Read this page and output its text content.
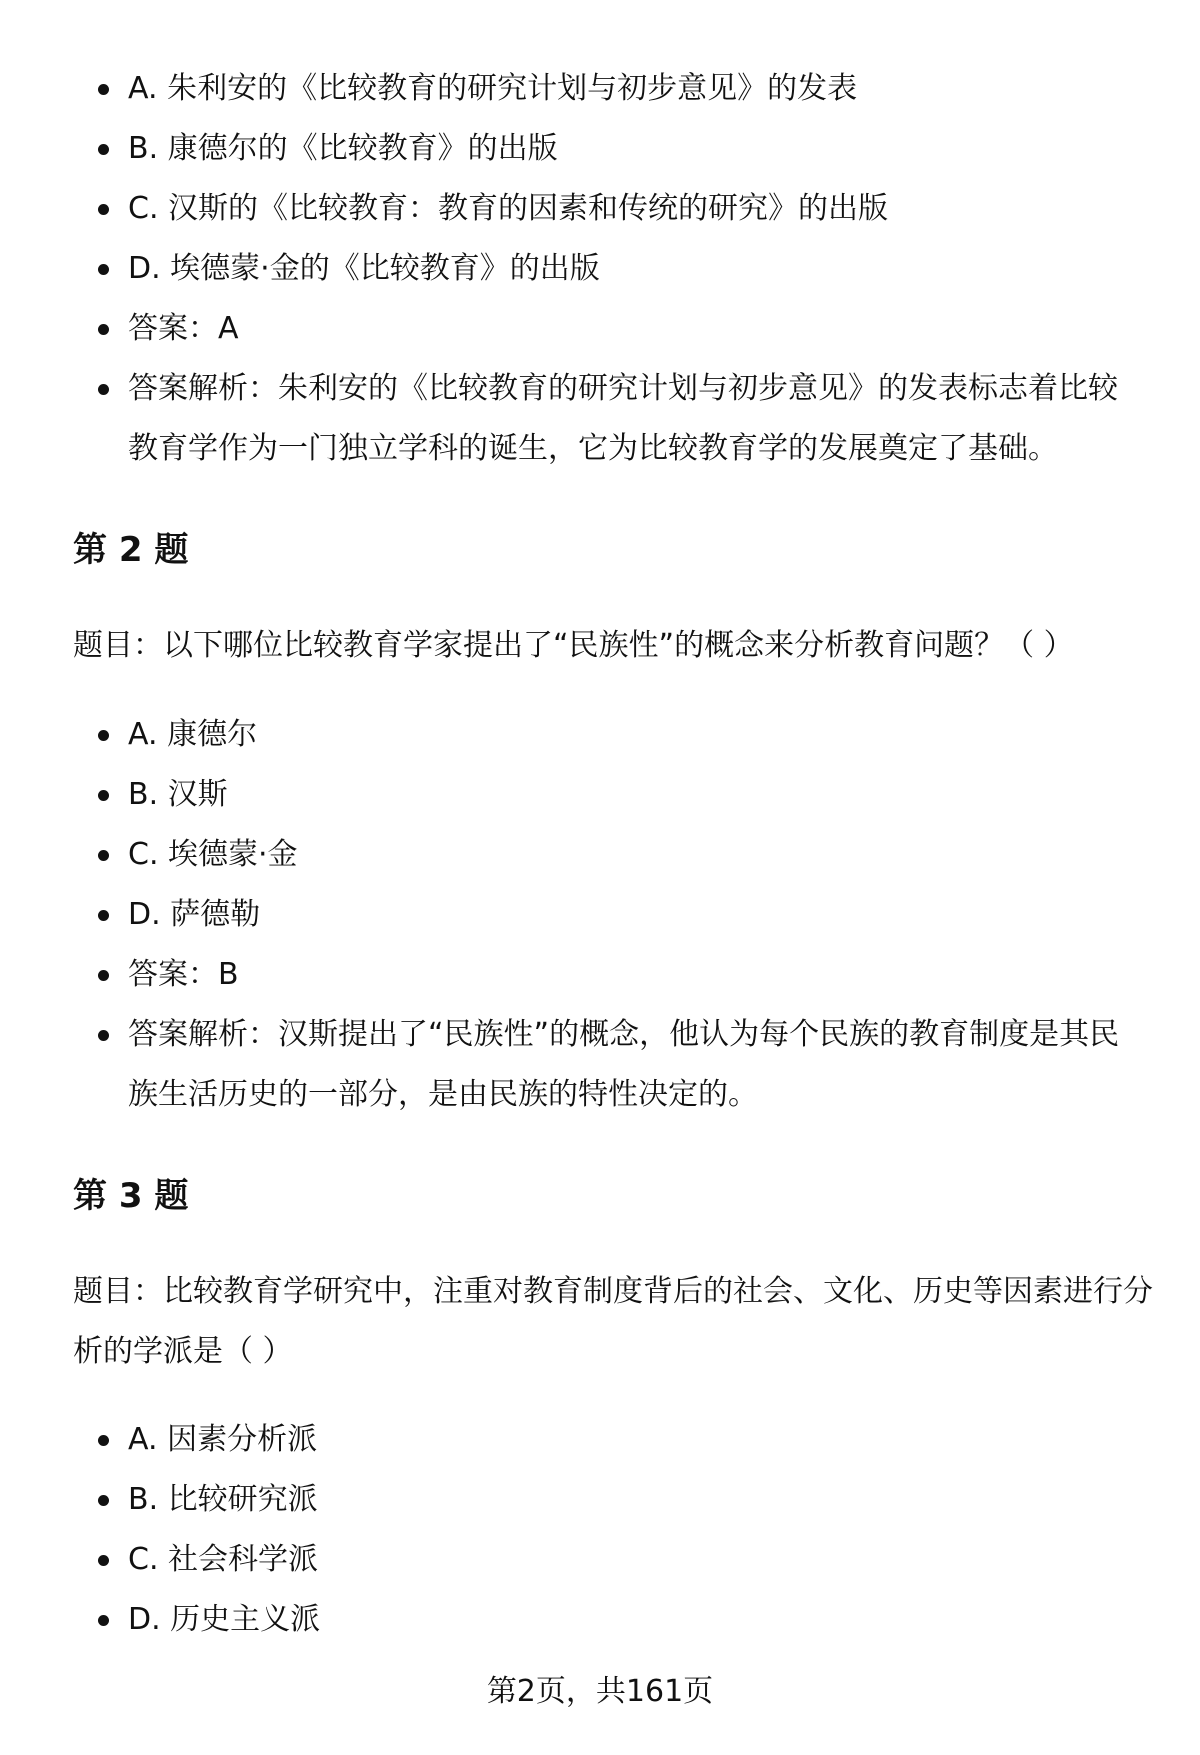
A. 朱利安的《比较教育的研究计划与初步意见》的发表
B. 康德尔的《比较教育》的出版
C. 汉斯的《比较教育：教育的因素和传统的研究》的出版
D. 埃德蒙·金的《比较教育》的出版
答案：A
答案解析：朱利安的《比较教育的研究计划与初步意见》的发表标志着比较教育学作为一门独立学科的诞生，它为比较教育学的发展奠定了基础。
第 2 题

题目：以下哪位比较教育学家提出了“民族性”的概念来分析教育问题？（ ）

A. 康德尔
B. 汉斯
C. 埃德蒙·金
D. 萨德勒
答案：B
答案解析：汉斯提出了“民族性”的概念，他认为每个民族的教育制度是其民族生活历史的一部分，是由民族的特性决定的。
第 3 题

题目：比较教育学研究中，注重对教育制度背后的社会、文化、历史等因素进行分析的学派是（ ）

A. 因素分析派
B. 比较研究派
C. 社会科学派
D. 历史主义派
第2页，共161页
